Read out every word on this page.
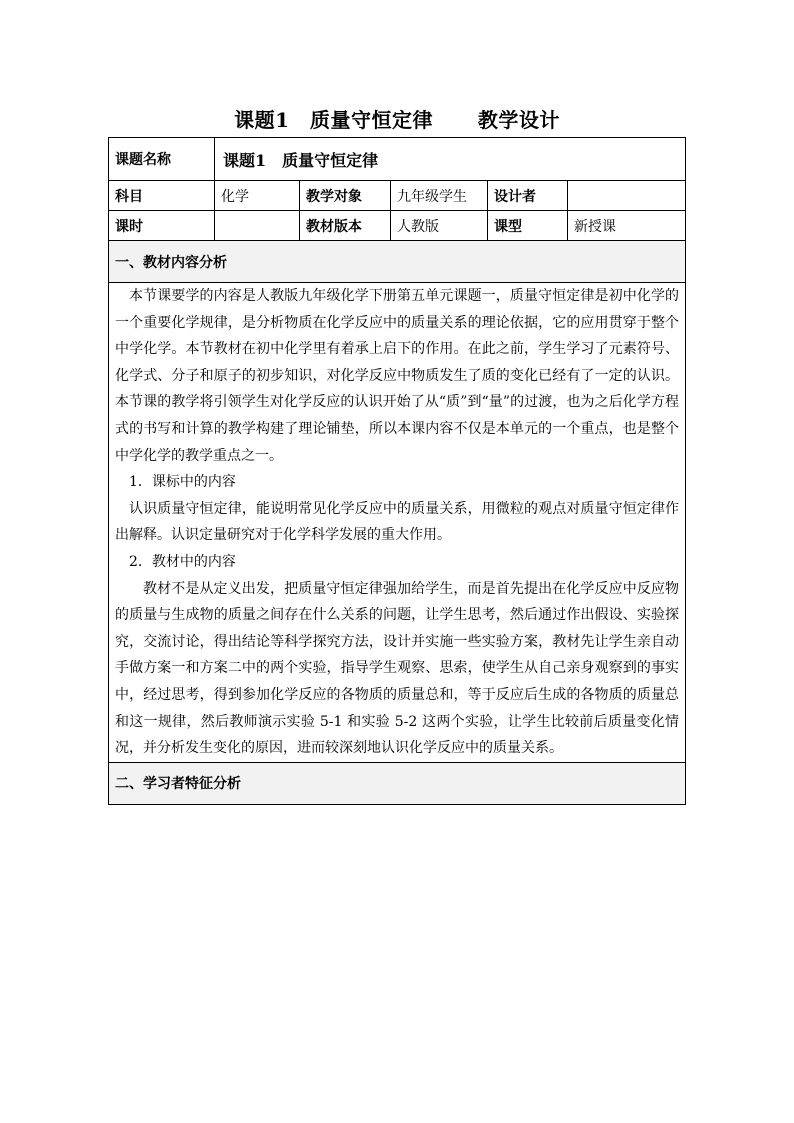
课题1　质量守恒定律 教学设计
课题名称	课题1　质量守恒定律				
科目	化学	教学对象	九年级学生	设计者	
课时		教材版本	人教版	课型	新授课
一、教材内容分析					

本节课要学的内容是人教版九年级化学下册第五单元课题一，质量守恒定律是初中化学的一个重要化学规律，是分析物质在化学反应中的质量关系的理论依据，它的应用贯穿于整个中学化学。本节教材在初中化学里有着承上启下的作用。在此之前，学生学习了元素符号、化学式、分子和原子的初步知识，对化学反应中物质发生了质的变化已经有了一定的认识。本节课的教学将引领学生对化学反应的认识开始了从“质”到“量”的过渡，也为之后化学方程式的书写和计算的教学构建了理论铺垫，所以本课内容不仅是本单元的一个重点，也是整个中学化学的教学重点之一。

1．课标中的内容

认识质量守恒定律，能说明常见化学反应中的质量关系，用微粒的观点对质量守恒定律作出解释。认识定量研究对于化学科学发展的重大作用。

2．教材中的内容

教材不是从定义出发，把质量守恒定律强加给学生，而是首先提出在化学反应中反应物的质量与生成物的质量之间存在什么关系的问题，让学生思考，然后通过作出假设、实验探究，交流讨论，得出结论等科学探究方法，设计并实施一些实验方案，教材先让学生亲自动手做方案一和方案二中的两个实验，指导学生观察、思索，使学生从自己亲身观察到的事实中，经过思考，得到参加化学反应的各物质的质量总和，等于反应后生成的各物质的质量总和这一规律，然后教师演示实验 5-1 和实验 5-2 这两个实验，让学生比较前后质量变化情况，并分析发生变化的原因，进而较深刻地认识化学反应中的质量关系。					

二、学习者特征分析					
